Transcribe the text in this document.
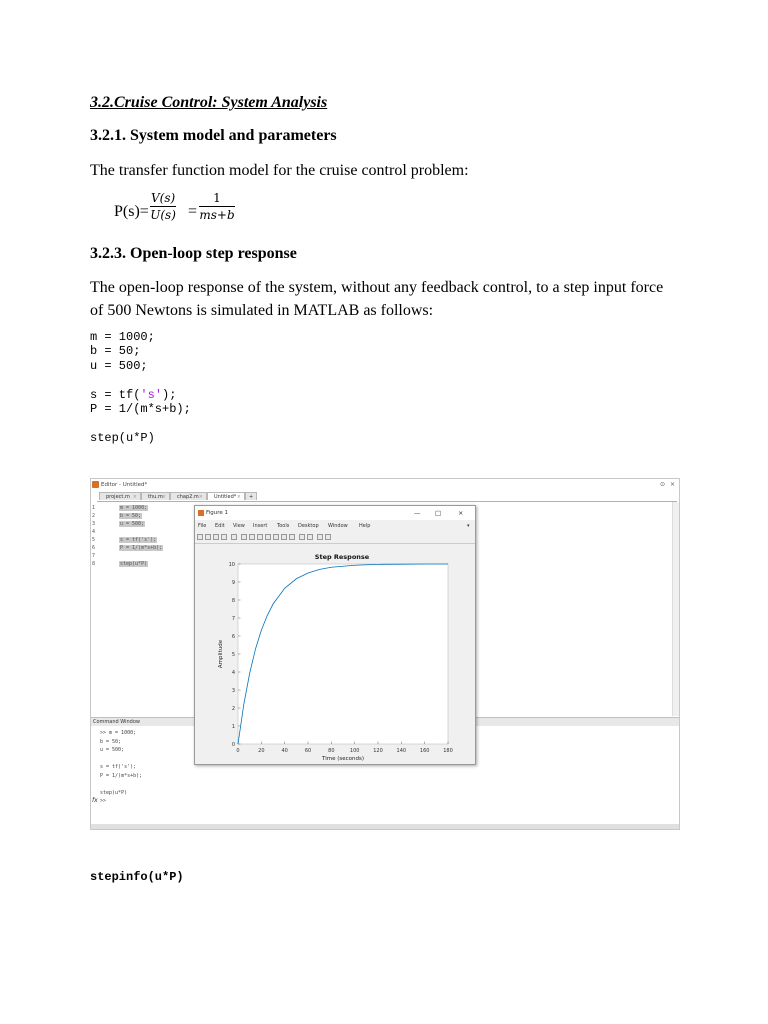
3.2.Cruise Control: System Analysis
3.2.1. System model and parameters

The transfer function model for the cruise control problem:

$P(s)= \frac{V(s)}{U(s)} = \frac{1}{ms+b}$
3.2.3. Open-loop step response

The open-loop response of the system, without any feedback control, to a step input force of 500 Newtons is simulated in MATLAB as follows:

m = 1000;
b = 50;
u = 500;

s = tf('s');
P = 1/(m*s+b);

step(u*P)
Editor - Untitled*	⊙ ×
project.m ×	thu.m ×	chap2.m ×	Untitled* ×	+
1	m = 1000;
2	b = 50;
3	u = 500;
4
5	s = tf('s');
6	P = 1/(m*s+b);
7
8	step(u*P)
Command Window
>> m = 1000;
b = 50;
u = 500;
s = tf('s');
P = 1/(m*s+b);
step(u*P)
>>
fx
Figure 1	— □	×
File Edit View Insert Tools Desktop Window Help	▾
Step Response
0
1
2
3
4
5
6
7
8
9
10
0	20	40	60	80	100	120	140	160	180
Time (seconds)
Amplitude
stepinfo(u*P)
